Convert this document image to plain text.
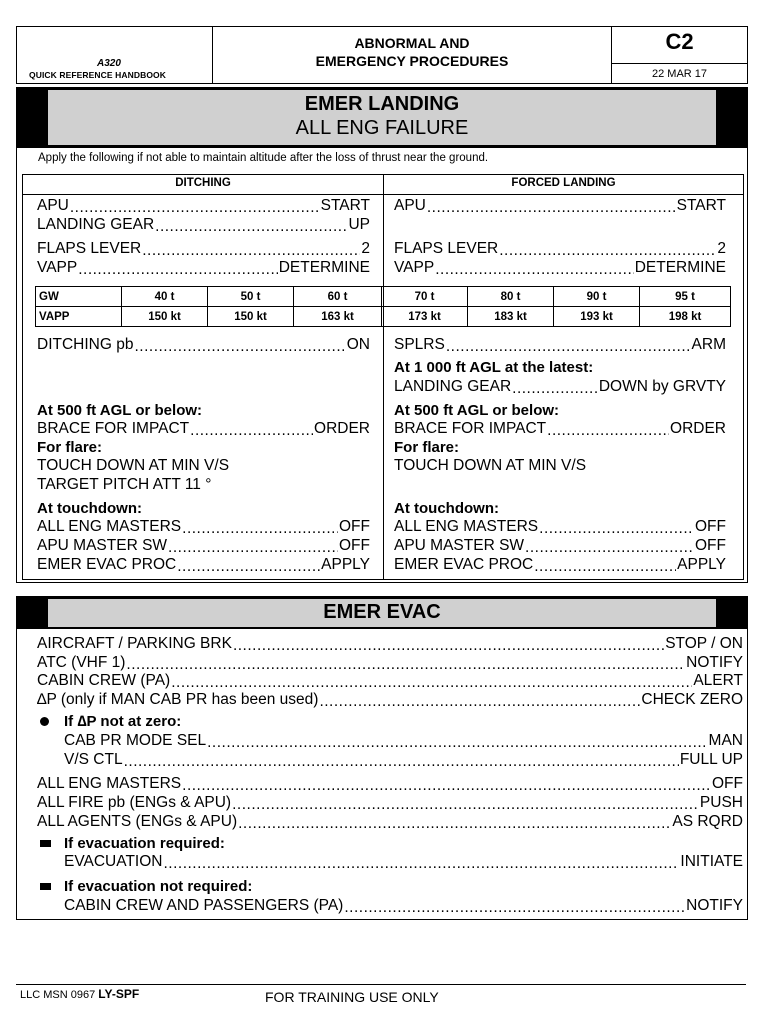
A320
QUICK REFERENCE HANDBOOK
ABNORMAL AND
EMERGENCY PROCEDURES
C2
22 MAR 17
EMER LANDING
ALL ENG FAILURE
Apply the following if not able to maintain altitude after the loss of thrust near the ground.
DITCHING	FORCED LANDING
GW	40 t	50 t	60 t	70 t	80 t	90 t	95 t
VAPP	150 kt	150 kt	163 kt	173 kt	183 kt	193 kt	198 kt
APU .....	START
LANDING GEAR .....	UP
FLAPS LEVER .....	2
VAPP .....	DETERMINE
APU .....	START
FLAPS LEVER .....	2
VAPP .....	DETERMINE
DITCHING pb .....	ON
At 500 ft AGL or below:
BRACE FOR IMPACT .....	ORDER
For flare:
TOUCH DOWN AT MIN V/S
TARGET PITCH ATT 11 °
At touchdown:
ALL ENG MASTERS .....	OFF
APU MASTER SW .....	OFF
EMER EVAC PROC .....	APPLY
SPLRS .....	ARM
At 1 000 ft AGL at the latest:
LANDING GEAR .....	DOWN by GRVTY
At 500 ft AGL or below:
BRACE FOR IMPACT .....	ORDER
For flare:
TOUCH DOWN AT MIN V/S
At touchdown:
ALL ENG MASTERS .....	OFF
APU MASTER SW .....	OFF
EMER EVAC PROC .....	APPLY
EMER EVAC
AIRCRAFT / PARKING BRK .....	STOP / ON
ATC (VHF 1) .....	NOTIFY
CABIN CREW (PA) .....	ALERT
∆P (only if MAN CAB PR has been used) .....	CHECK ZERO
If ∆P not at zero:
CAB PR MODE SEL .....	MAN
V/S CTL .....	FULL UP
ALL ENG MASTERS .....	OFF
ALL FIRE pb (ENGs & APU) .....	PUSH
ALL AGENTS (ENGs & APU) .....	AS RQRD
If evacuation required:
EVACUATION .....	INITIATE
If evacuation not required:
CABIN CREW AND PASSENGERS (PA) .....	NOTIFY
LLC MSN 0967 LY-SPF	FOR TRAINING USE ONLY
